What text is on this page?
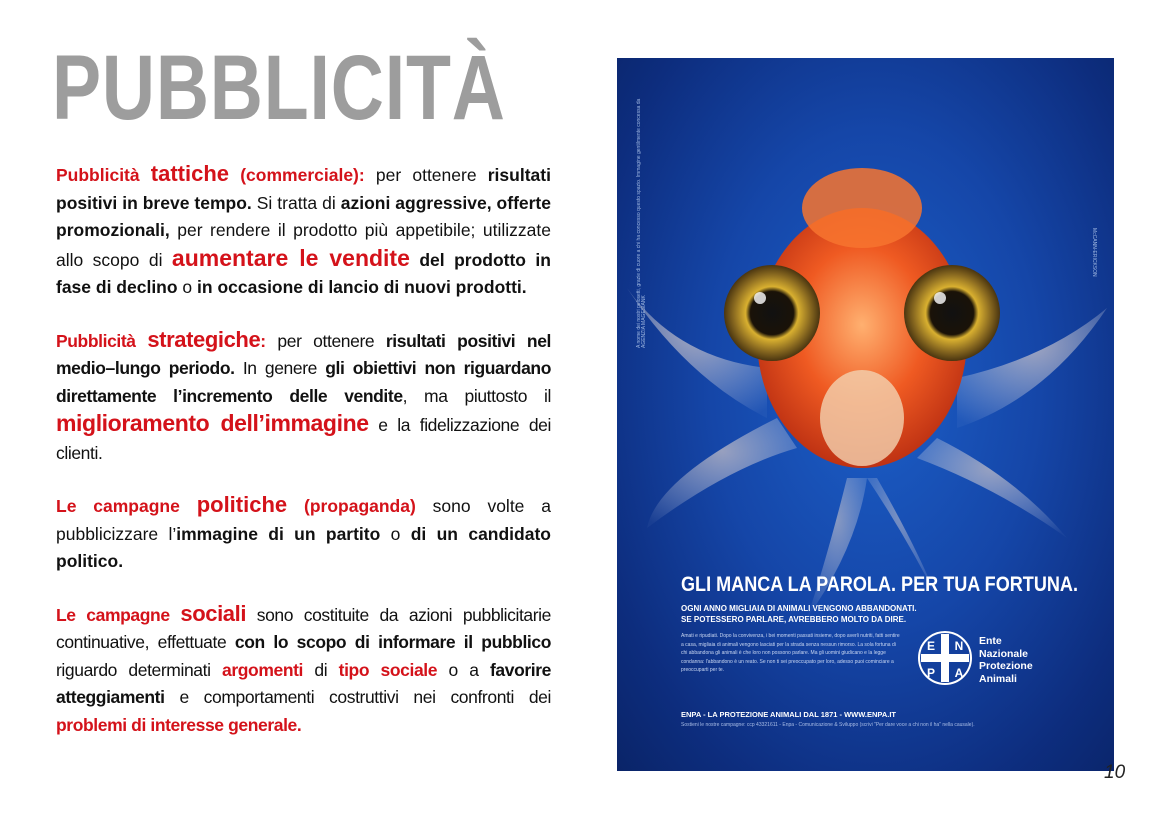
PUBBLICITÀ

Pubblicità tattiche (commerciale): per ottenere risultati positivi in breve tempo. Si tratta di azioni aggressive, offerte promozionali, per rendere il prodotto più appetibile; utilizzate allo scopo di aumentare le vendite del prodotto in fase di declino o in occasione di lancio di nuovi prodotti.

Pubblicità strategiche: per ottenere risultati positivi nel medio–lungo periodo. In genere gli obiettivi non riguardano direttamente l’incremento delle vendite, ma piuttosto il miglioramento dell’immagine e la fidelizzazione dei clienti.

Le campagne politiche (propaganda) sono volte a pubblicizzare l’immagine di un partito o di un candidato politico.

Le campagne sociali sono costituite da azioni pubblicitarie continuative, effettuate con lo scopo di informare il pubblico riguardo determinati argomenti di tipo sociale o a favorire atteggiamenti e comportamenti costruttivi nei confronti dei problemi di interesse generale.

A nome dei nostri pelosetti, grazie di cuore a chi ha concesso questo spazio. Immagine gentilmente concessa da AGENZIA MAGESIANK
McCANN-ERICKSON
GLI MANCA LA PAROLA. PER TUA FORTUNA.
OGNI ANNO MIGLIAIA DI ANIMALI VENGONO ABBANDONATI.
SE POTESSERO PARLARE, AVREBBERO MOLTO DA DIRE.
Amati e ripudiati. Dopo la convivenza, i bei momenti passati insieme, dopo averli nutriti, fatti sentire a casa, migliaia di animali vengono lasciati per la strada senza nessun rimorso. La sola fortuna di chi abbandona gli animali è che loro non possono parlare. Ma gli uomini giudicano e la legge condanna: l'abbandono è un reato. Se non ti sei preoccupato per loro, adesso puoi cominciare a preoccuparti per te.
E N
P A
Ente
Nazionale
Protezione
Animali
ENPA - LA PROTEZIONE ANIMALI DAL 1871 - WWW.ENPA.IT
Sostieni le nostre campagne: ccp 43321611 - Enpa - Comunicazione & Sviluppo (scrivi "Per dare voce a chi non il ha" nella causale).
10
